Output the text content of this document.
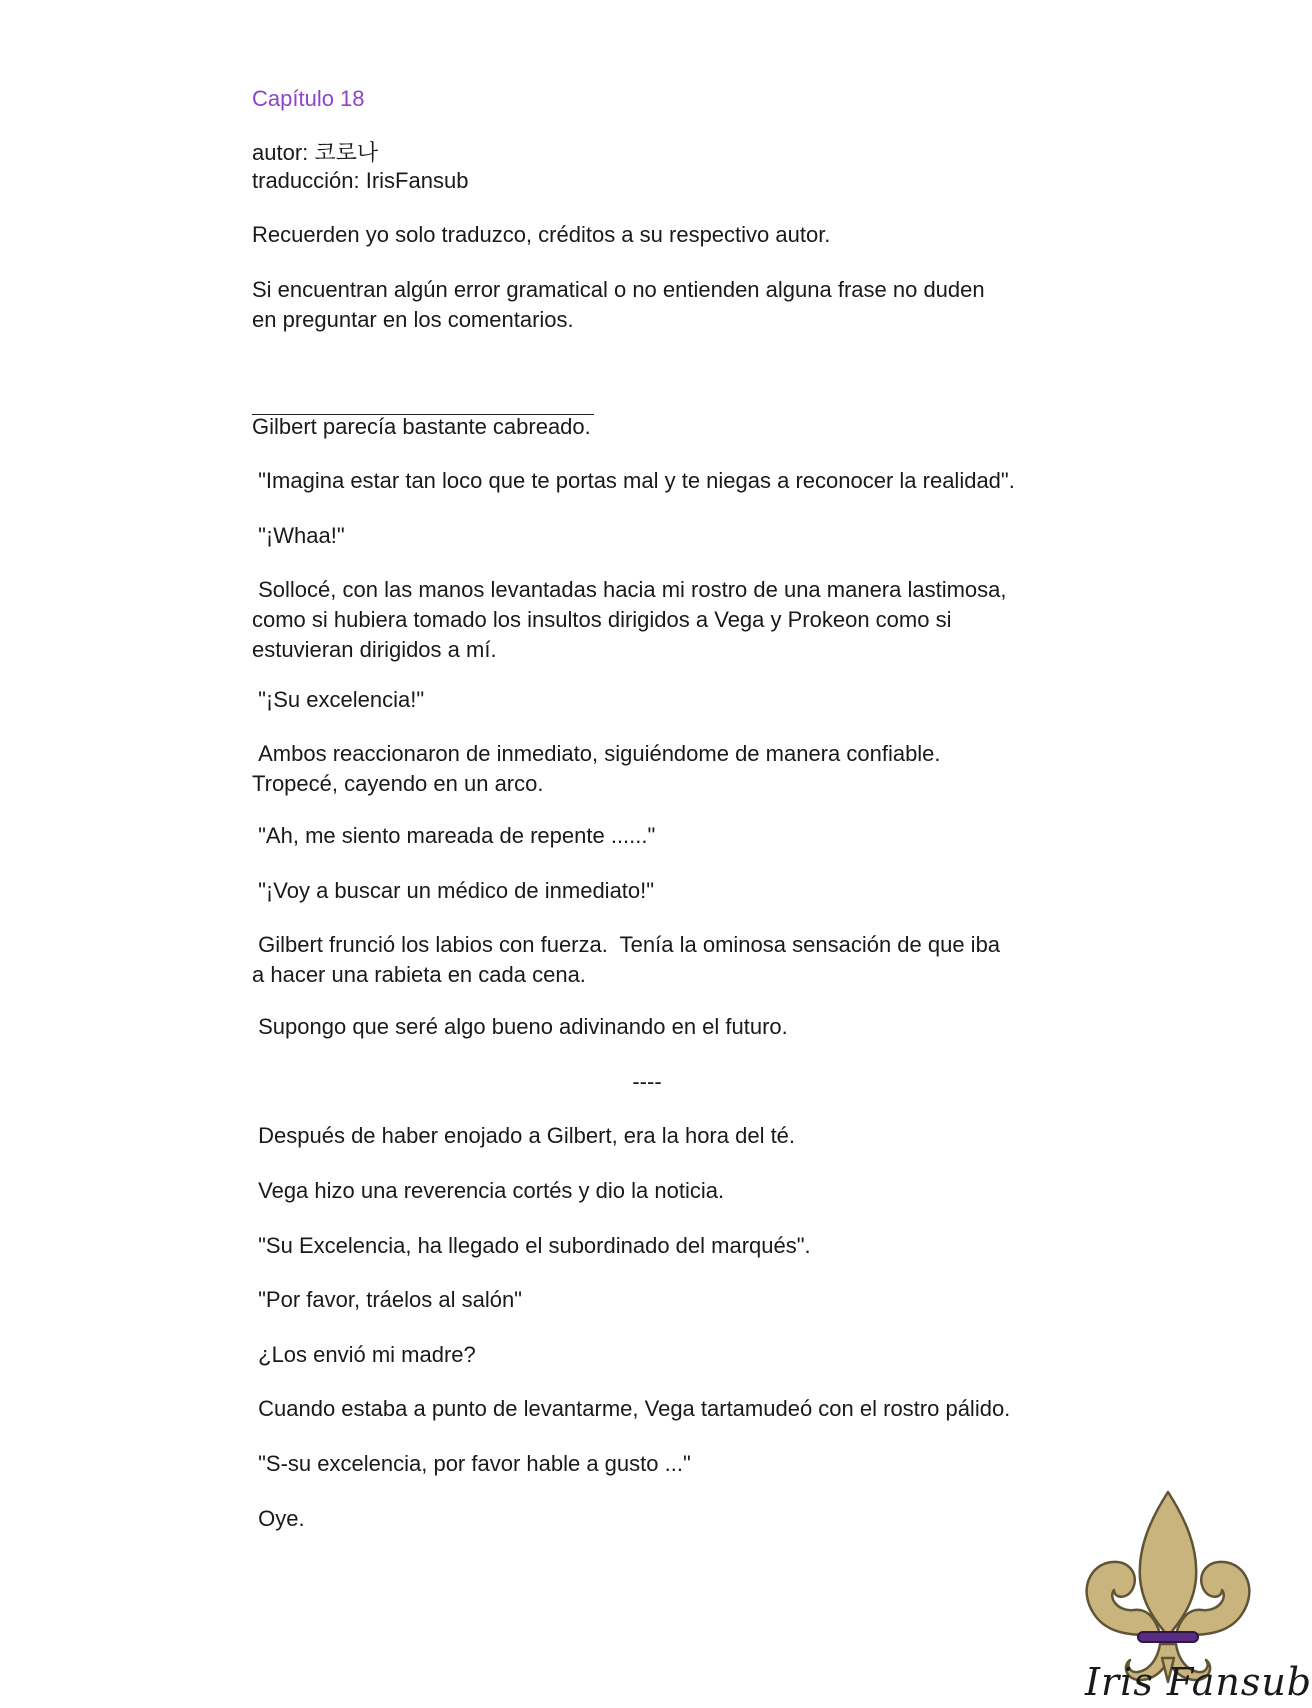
Capítulo 18

autor: 코로나

traducción: IrisFansub

Recuerden yo solo traduzco, créditos a su respectivo autor.

Si encuentran algún error gramatical o no entienden alguna frase no duden
en preguntar en los comentarios.

Gilbert parecía bastante cabreado.

"Imagina estar tan loco que te portas mal y te niegas a reconocer la realidad".

"¡Whaa!"

Sollocé, con las manos levantadas hacia mi rostro de una manera lastimosa,
como si hubiera tomado los insultos dirigidos a Vega y Prokeon como si
estuvieran dirigidos a mí.

"¡Su excelencia!"

Ambos reaccionaron de inmediato, siguiéndome de manera confiable.
Tropecé, cayendo en un arco.

"Ah, me siento mareada de repente ......"

"¡Voy a buscar un médico de inmediato!"

Gilbert frunció los labios con fuerza.  Tenía la ominosa sensación de que iba
a hacer una rabieta en cada cena.

Supongo que seré algo bueno adivinando en el futuro.

----

Después de haber enojado a Gilbert, era la hora del té.

Vega hizo una reverencia cortés y dio la noticia.

"Su Excelencia, ha llegado el subordinado del marqués".

"Por favor, tráelos al salón"

¿Los envió mi madre?

Cuando estaba a punto de levantarme, Vega tartamudeó con el rostro pálido.

"S-su excelencia, por favor hable a gusto ..."

Oye.

Iris Fansub
